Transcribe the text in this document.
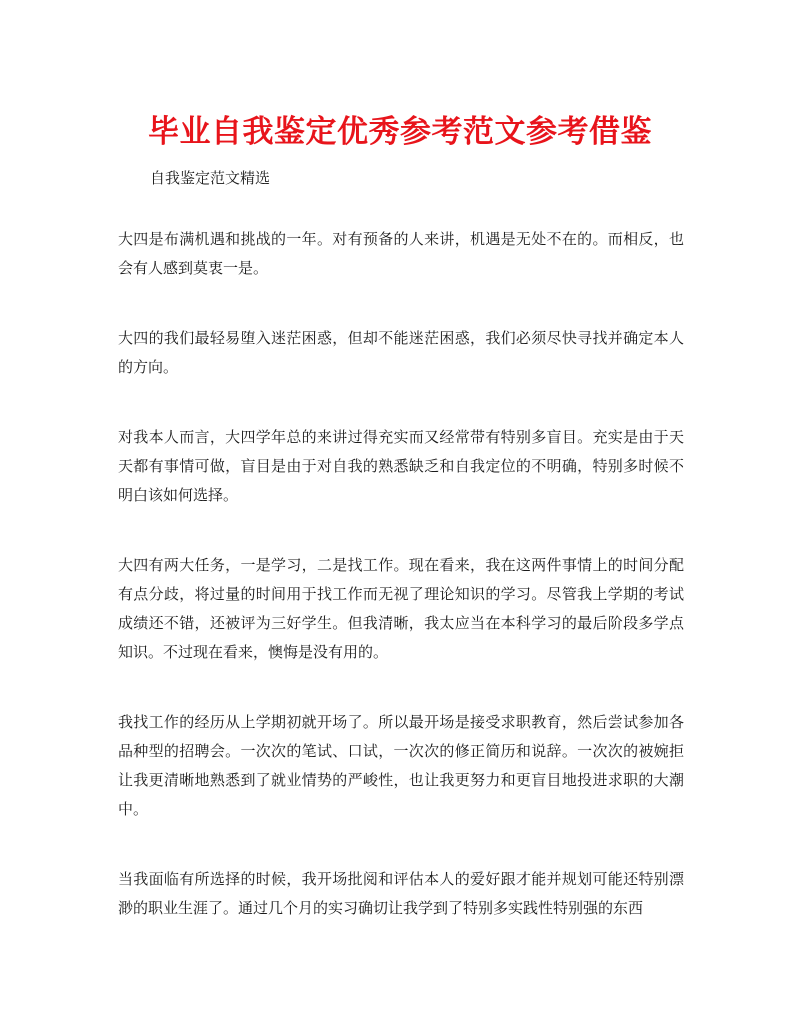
毕业自我鉴定优秀参考范文参考借鉴
自我鉴定范文精选

大四是布满机遇和挑战的一年。对有预备的人来讲，机遇是无处不在的。而相反，也会有人感到莫衷一是。

大四的我们最轻易堕入迷茫困惑，但却不能迷茫困惑，我们必须尽快寻找并确定本人的方向。

对我本人而言，大四学年总的来讲过得充实而又经常带有特别多盲目。充实是由于天天都有事情可做，盲目是由于对自我的熟悉缺乏和自我定位的不明确，特别多时候不明白该如何选择。

大四有两大任务，一是学习，二是找工作。现在看来，我在这两件事情上的时间分配有点分歧，将过量的时间用于找工作而无视了理论知识的学习。尽管我上学期的考试成绩还不错，还被评为三好学生。但我清晰，我太应当在本科学习的最后阶段多学点知识。不过现在看来，懊悔是没有用的。

我找工作的经历从上学期初就开场了。所以最开场是接受求职教育，然后尝试参加各品种型的招聘会。一次次的笔试、口试，一次次的修正简历和说辞。一次次的被婉拒让我更清晰地熟悉到了就业情势的严峻性，也让我更努力和更盲目地投进求职的大潮中。

当我面临有所选择的时候，我开场批阅和评估本人的爱好跟才能并规划可能还特别漂渺的职业生涯了。通过几个月的实习确切让我学到了特别多实践性特别强的东西
